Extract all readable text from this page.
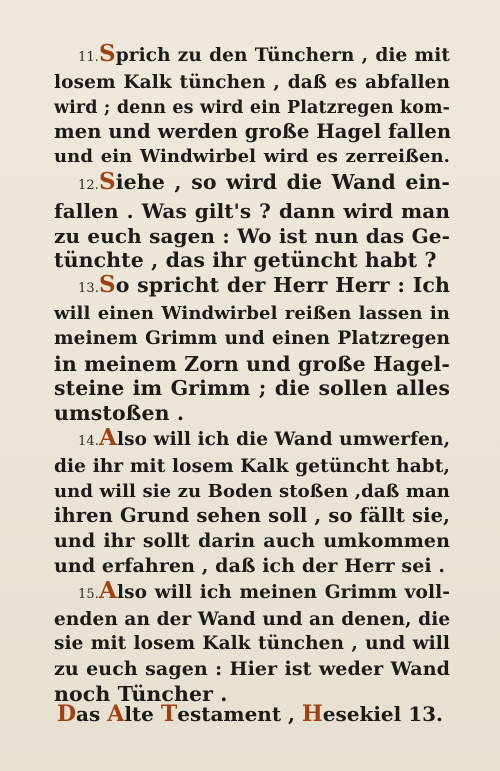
11.Sprich zu den Tünchern , die mit
losem Kalk tünchen , daß es abfallen
wird ; denn es wird ein Platzregen kom-
men und werden große Hagel fallen
und ein Windwirbel wird es zerreißen.
12.Siehe , so wird die Wand ein-
fallen . Was gilt's ? dann wird man
zu euch sagen : Wo ist nun das Ge-
tünchte , das ihr getüncht habt ?
13.So spricht der Herr Herr : Ich
will einen Windwirbel reißen lassen in
meinem Grimm und einen Platzregen
in meinem Zorn und große Hagel-
steine im Grimm ; die sollen alles
umstoßen .
14.Also will ich die Wand umwerfen,
die ihr mit losem Kalk getüncht habt,
und will sie zu Boden stoßen ,daß man
ihren Grund sehen soll , so fällt sie,
und ihr sollt darin auch umkommen
und erfahren , daß ich der Herr sei .
15.Also will ich meinen Grimm voll-
enden an der Wand und an denen, die
sie mit losem Kalk tünchen , und will
zu euch sagen : Hier ist weder Wand
noch Tüncher .
Das Alte Testament , Hesekiel 13.
